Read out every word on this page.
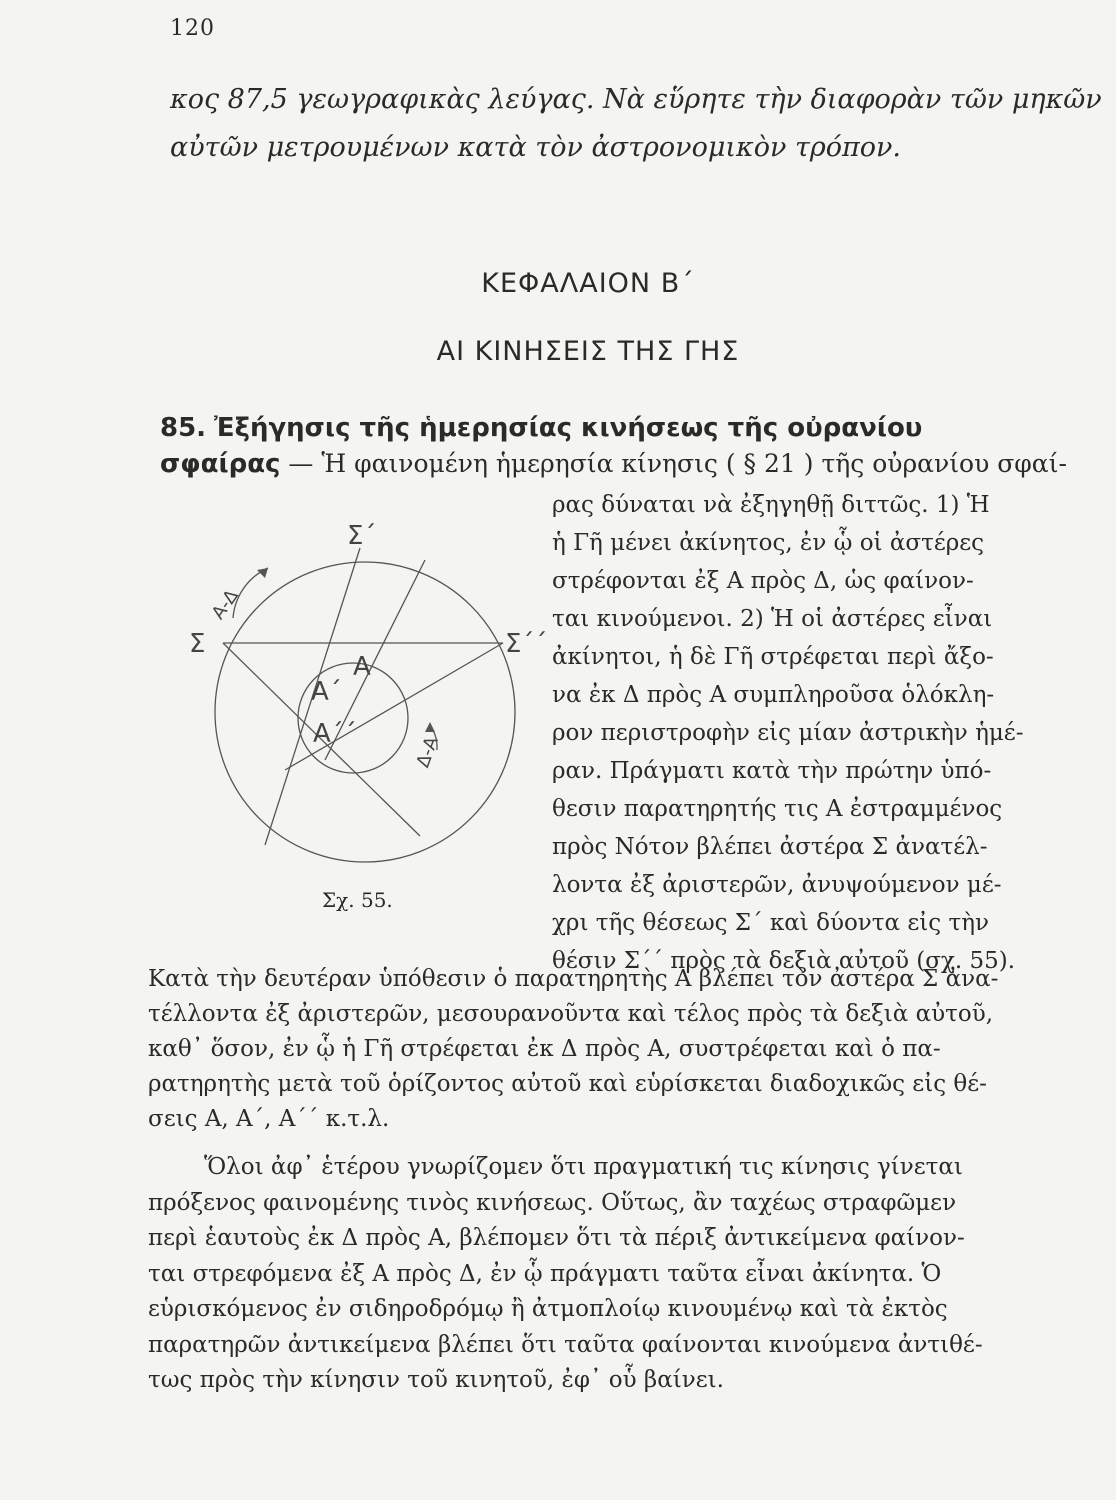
120

κος 87,5 γεωγραφικὰς λεύγας. Νὰ εὕρητε τὴν διαφορὰν τῶν μηκῶν

αὐτῶν μετρουμένων κατὰ τὸν ἀστρονομικὸν τρόπον.

ΚΕΦΑΛΑΙΟΝ Β΄
ΑΙ ΚΙΝΗΣΕΙΣ ΤΗΣ ΓΗΣ

85. Ἐξήγησις τῆς ἡμερησίας κινήσεως τῆς οὐρανίου

σφαίρας — Ἡ φαινομένη ἡμερησία κίνησις ( § 21 ) τῆς οὐρανίου σφαί-

Σ
Σ΄
Σ΄΄
Α
Α΄
Α΄΄
Α-Δ
Δ-Α
Σχ. 55.

ρας δύναται νὰ ἐξηγηθῇ διττῶς. 1) Ἡ

ἡ Γῆ μένει ἀκίνητος, ἐν ᾧ οἱ ἀστέρες

στρέφονται ἐξ Α πρὸς Δ, ὡς φαίνον-

ται κινούμενοι. 2) Ἡ οἱ ἀστέρες εἶναι

ἀκίνητοι, ἡ δὲ Γῆ στρέφεται περὶ ἄξο-

να ἐκ Δ πρὸς Α συμπληροῦσα ὁλόκλη-

ρον περιστροφὴν εἰς μίαν ἀστρικὴν ἡμέ-

ραν. Πράγματι κατὰ τὴν πρώτην ὑπό-

θεσιν παρατηρητής τις Α ἐστραμμένος

πρὸς Νότον βλέπει ἀστέρα Σ ἀνατέλ-

λοντα ἐξ ἀριστερῶν, ἀνυψούμενον μέ-

χρι τῆς θέσεως Σ΄ καὶ δύοντα εἰς τὴν

θέσιν Σ΄΄ πρὸς τὰ δεξιὰ αὐτοῦ (σχ. 55).

Κατὰ τὴν δευτέραν ὑπόθεσιν ὁ παρατηρητὴς Α βλέπει τὸν ἀστέρα Σ ἀνα-

τέλλοντα ἐξ ἀριστερῶν, μεσουρανοῦντα καὶ τέλος πρὸς τὰ δεξιὰ αὐτοῦ,

καθ᾽ ὅσον, ἐν ᾧ ἡ Γῆ στρέφεται ἐκ Δ πρὸς Α, συστρέφεται καὶ ὁ πα-

ρατηρητὴς μετὰ τοῦ ὁρίζοντος αὐτοῦ καὶ εὑρίσκεται διαδοχικῶς εἰς θέ-

σεις Α, Α΄, Α΄΄ κ.τ.λ.

Ὅλοι ἀφ᾽ ἑτέρου γνωρίζομεν ὅτι πραγματική τις κίνησις γίνεται

πρόξενος φαινομένης τινὸς κινήσεως. Οὕτως, ἂν ταχέως στραφῶμεν

περὶ ἑαυτοὺς ἐκ Δ πρὸς Α, βλέπομεν ὅτι τὰ πέριξ ἀντικείμενα φαίνον-

ται στρεφόμενα ἐξ Α πρὸς Δ, ἐν ᾧ πράγματι ταῦτα εἶναι ἀκίνητα. Ὁ

εὑρισκόμενος ἐν σιδηροδρόμῳ ἢ ἀτμοπλοίῳ κινουμένῳ καὶ τὰ ἐκτὸς

παρατηρῶν ἀντικείμενα βλέπει ὅτι ταῦτα φαίνονται κινούμενα ἀντιθέ-

τως πρὸς τὴν κίνησιν τοῦ κινητοῦ, ἐφ᾽ οὗ βαίνει.
